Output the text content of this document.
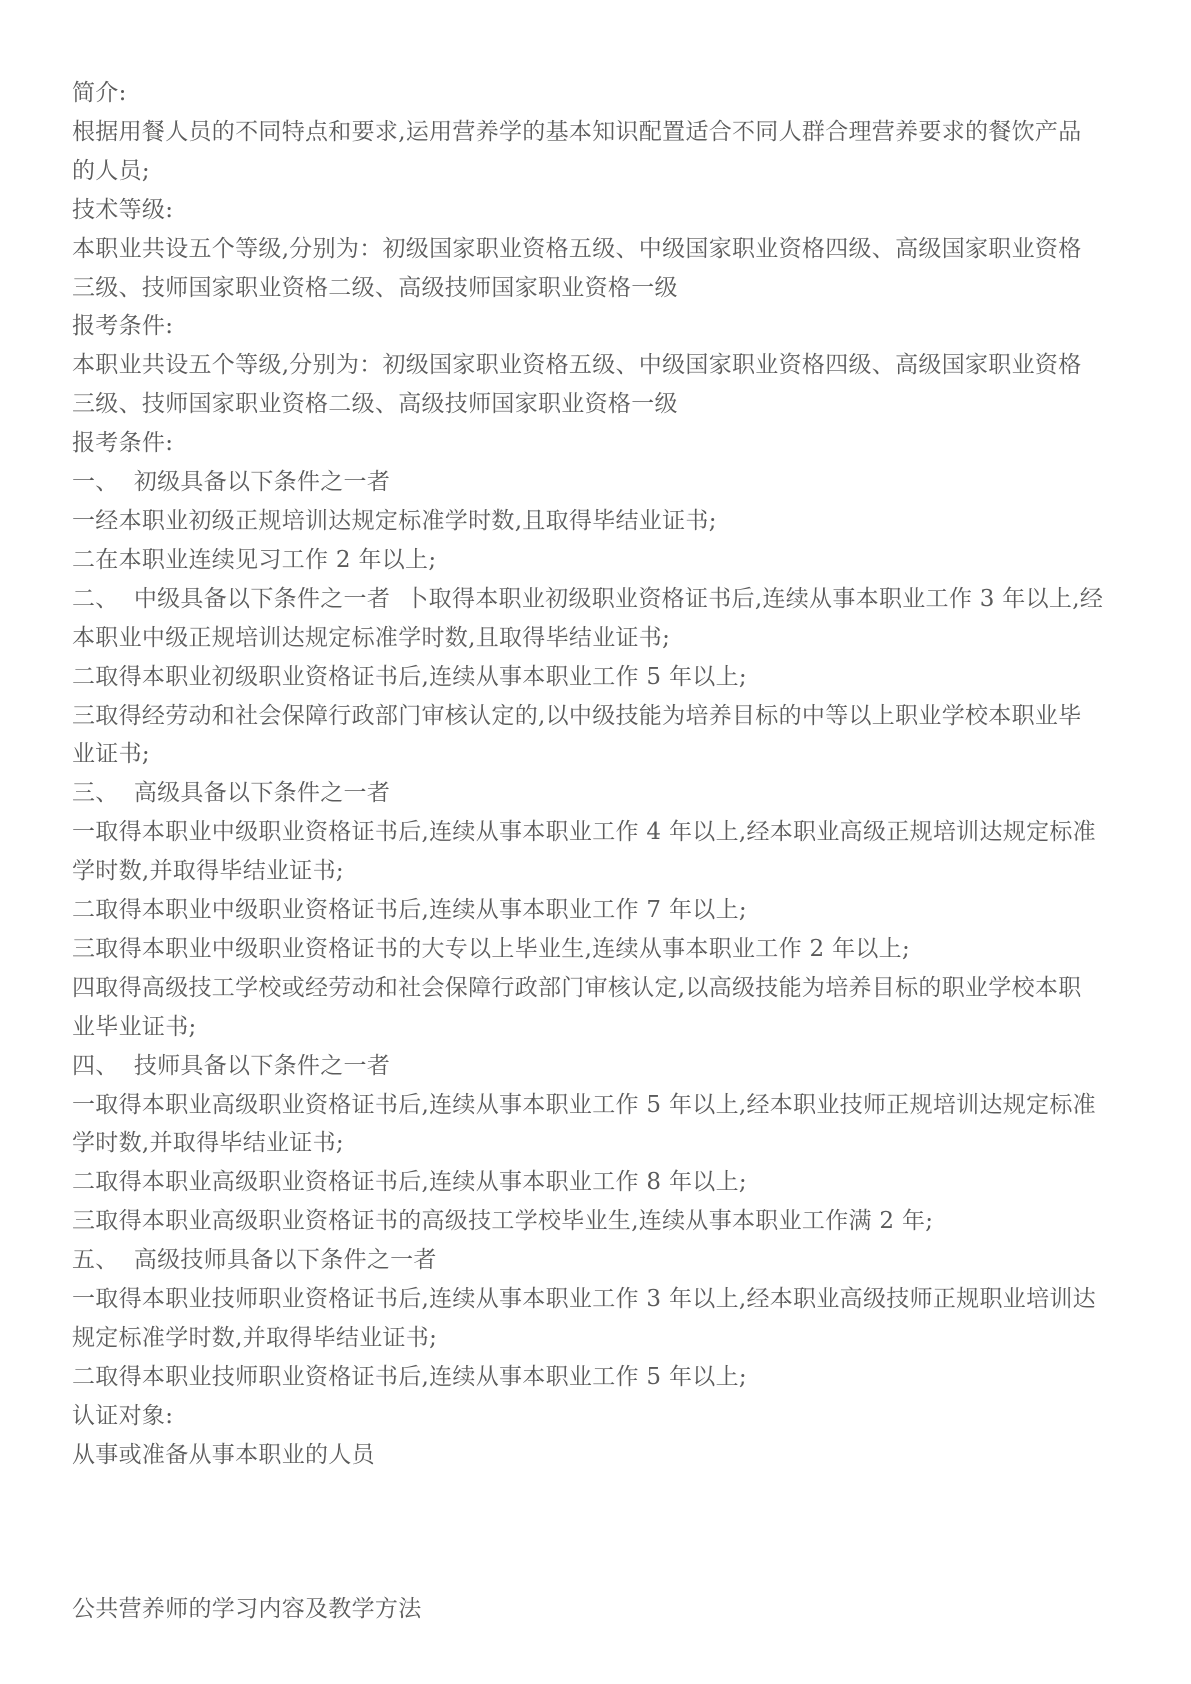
简介:
根据用餐人员的不同特点和要求,运用营养学的基本知识配置适合不同人群合理营养要求的餐饮产品
的人员;
技术等级:
本职业共设五个等级,分别为：初级国家职业资格五级、中级国家职业资格四级、高级国家职业资格
三级、技师国家职业资格二级、高级技师国家职业资格一级
报考条件:
本职业共设五个等级,分别为：初级国家职业资格五级、中级国家职业资格四级、高级国家职业资格
三级、技师国家职业资格二级、高级技师国家职业资格一级
报考条件:
一、  初级具备以下条件之一者
一经本职业初级正规培训达规定标准学时数,且取得毕结业证书;
二在本职业连续见习工作 2 年以上;
二、  中级具备以下条件之一者  卜取得本职业初级职业资格证书后,连续从事本职业工作 3 年以上,经
本职业中级正规培训达规定标准学时数,且取得毕结业证书;
二取得本职业初级职业资格证书后,连续从事本职业工作 5 年以上;
三取得经劳动和社会保障行政部门审核认定的,以中级技能为培养目标的中等以上职业学校本职业毕
业证书;
三、  高级具备以下条件之一者
一取得本职业中级职业资格证书后,连续从事本职业工作 4 年以上,经本职业高级正规培训达规定标准
学时数,并取得毕结业证书;
二取得本职业中级职业资格证书后,连续从事本职业工作 7 年以上;
三取得本职业中级职业资格证书的大专以上毕业生,连续从事本职业工作 2 年以上;
四取得高级技工学校或经劳动和社会保障行政部门审核认定,以高级技能为培养目标的职业学校本职
业毕业证书;
四、  技师具备以下条件之一者
一取得本职业高级职业资格证书后,连续从事本职业工作 5 年以上,经本职业技师正规培训达规定标准
学时数,并取得毕结业证书;
二取得本职业高级职业资格证书后,连续从事本职业工作 8 年以上;
三取得本职业高级职业资格证书的高级技工学校毕业生,连续从事本职业工作满 2 年;
五、  高级技师具备以下条件之一者
一取得本职业技师职业资格证书后,连续从事本职业工作 3 年以上,经本职业高级技师正规职业培训达
规定标准学时数,并取得毕结业证书;
二取得本职业技师职业资格证书后,连续从事本职业工作 5 年以上;
认证对象:
从事或准备从事本职业的人员
公共营养师的学习内容及教学方法
